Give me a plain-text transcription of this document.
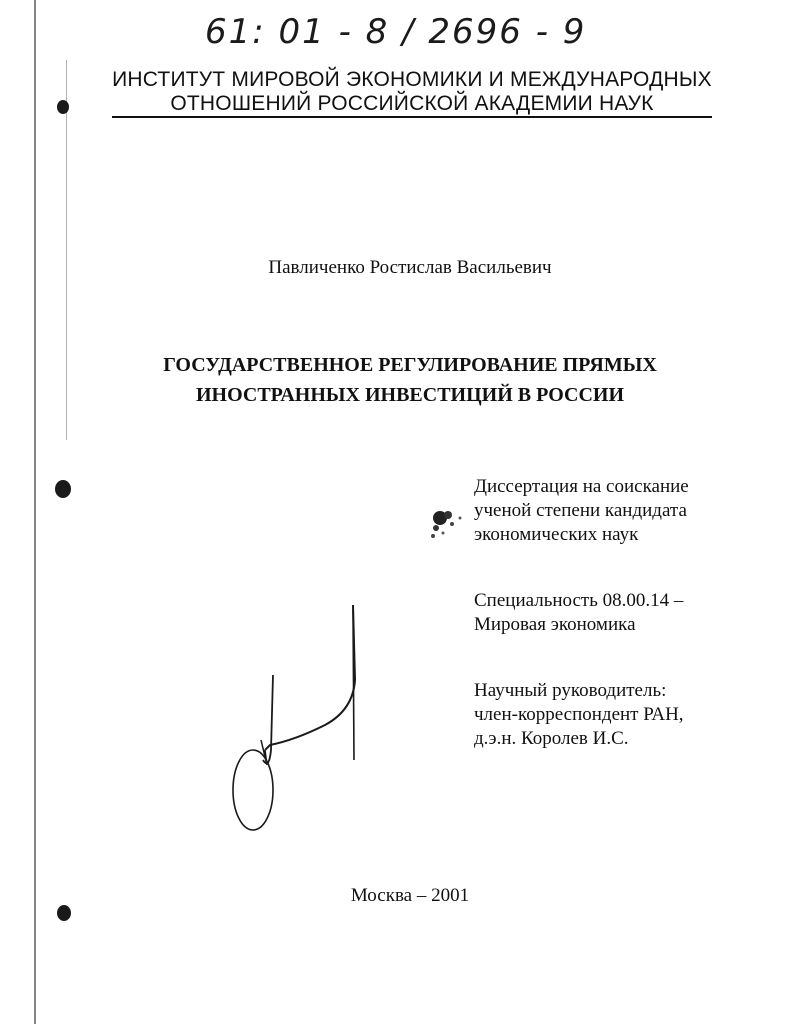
61: 01 - 8 / 2696 - 9
ИНСТИТУТ МИРОВОЙ ЭКОНОМИКИ И МЕЖДУНАРОДНЫХ
ОТНОШЕНИЙ РОССИЙСКОЙ АКАДЕМИИ НАУК
Павличенко Ростислав Васильевич
ГОСУДАРСТВЕННОЕ РЕГУЛИРОВАНИЕ ПРЯМЫХ
ИНОСТРАННЫХ ИНВЕСТИЦИЙ В РОССИИ
Диссертация на соискание
ученой степени кандидата
экономических наук
Специальность 08.00.14 –
Мировая экономика
Научный руководитель:
член-корреспондент РАН,
д.э.н. Королев И.С.
Москва – 2001
